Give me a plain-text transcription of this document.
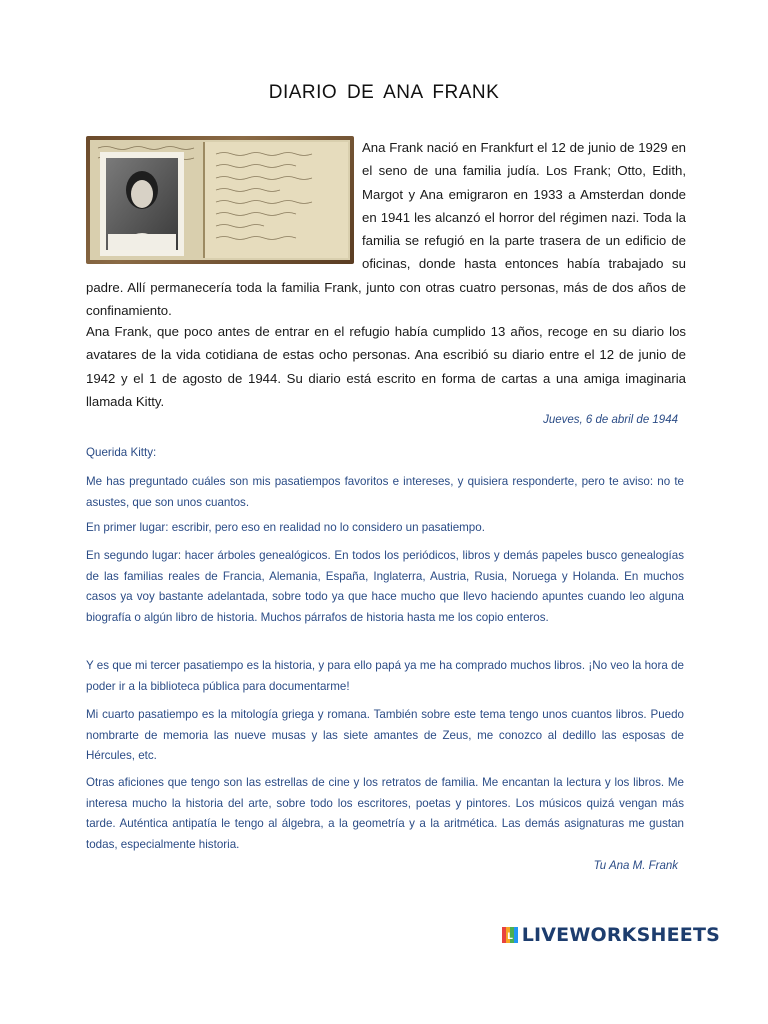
DIARIO DE ANA FRANK
Ana Frank nació en Frankfurt el 12 de junio de 1929 en el seno de una familia judía. Los Frank; Otto, Edith, Margot y Ana emigraron en 1933 a Amsterdan donde en 1941 les alcanzó el horror del régimen nazi. Toda la familia se refugió en la parte trasera de un edificio de oficinas, donde hasta entonces había trabajado su padre. Allí permanecería toda la familia Frank, junto con otras cuatro personas, más de dos años de confinamiento.
Ana Frank, que poco antes de entrar en el refugio había cumplido 13 años, recoge en su diario los avatares de la vida cotidiana de estas ocho personas. Ana escribió su diario entre el 12 de junio de 1942 y el 1 de agosto de 1944. Su diario está escrito en forma de cartas a una amiga imaginaria llamada Kitty.
Jueves, 6 de abril de 1944
Querida Kitty:
Me has preguntado cuáles son mis pasatiempos favoritos e intereses, y quisiera responderte, pero te aviso: no te asustes, que son unos cuantos.
En primer lugar: escribir, pero eso en realidad no lo considero un pasatiempo.
En segundo lugar: hacer árboles genealógicos. En todos los periódicos, libros y demás papeles busco genealogías de las familias reales de Francia, Alemania, España, Inglaterra, Austria, Rusia, Noruega y Holanda. En muchos casos ya voy bastante adelantada, sobre todo ya que hace mucho que llevo haciendo apuntes cuando leo alguna biografía o algún libro de historia. Muchos párrafos de historia hasta me los copio enteros.
Y es que mi tercer pasatiempo es la historia, y para ello papá ya me ha comprado muchos libros. ¡No veo la hora de poder ir a la biblioteca pública para documentarme!
Mi cuarto pasatiempo es la mitología griega y romana. También sobre este tema tengo unos cuantos libros. Puedo nombrarte de memoria las nueve musas y las siete amantes de Zeus, me conozco al dedillo las esposas de Hércules, etc.
Otras aficiones que tengo son las estrellas de cine y los retratos de familia. Me encantan la lectura y los libros. Me interesa mucho la historia del arte, sobre todo los escritores, poetas y pintores. Los músicos quizá vengan más tarde. Auténtica antipatía le tengo al álgebra, a la geometría y a la aritmética. Las demás asignaturas me gustan todas, especialmente historia.
Tu Ana M. Frank
L LIVEWORKSHEETS
